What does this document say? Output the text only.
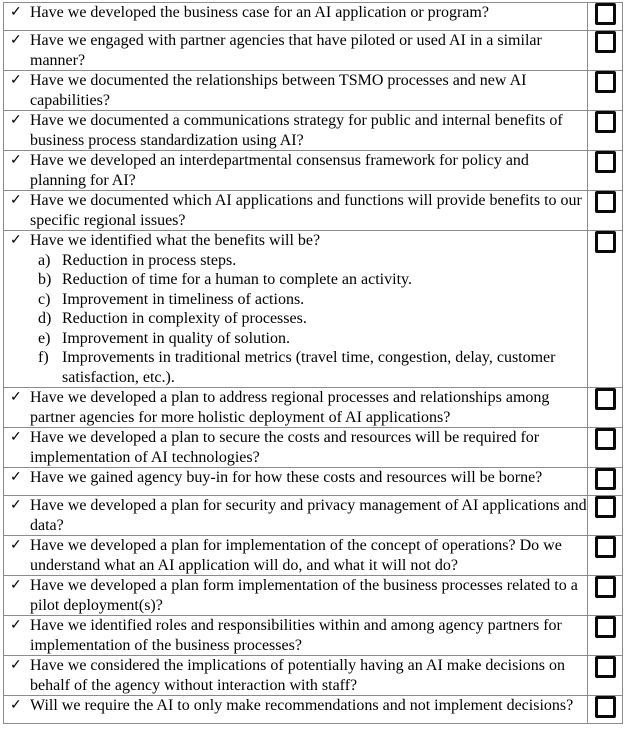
✓ Have we developed the business case for an AI application or program?	

✓ Have we engaged with partner agencies that have piloted or used AI in a similar manner?	

✓ Have we documented the relationships between TSMO processes and new AI capabilities?	

✓ Have we documented a communications strategy for public and internal benefits of business process standardization using AI?	

✓ Have we developed an interdepartmental consensus framework for policy and planning for AI?	

✓ Have we documented which AI applications and functions will provide benefits to our specific regional issues?	

✓ Have we identified what the benefits will be?
a) Reduction in process steps.
b) Reduction of time for a human to complete an activity.
c) Improvement in timeliness of actions.
d) Reduction in complexity of processes.
e) Improvement in quality of solution.
f) Improvements in traditional metrics (travel time, congestion, delay, customer satisfaction, etc.).

✓ Have we developed a plan to address regional processes and relationships among partner agencies for more holistic deployment of AI applications?	

✓ Have we developed a plan to secure the costs and resources will be required for implementation of AI technologies?	

✓ Have we gained agency buy-in for how these costs and resources will be borne?	

✓ Have we developed a plan for security and privacy management of AI applications and data?	

✓ Have we developed a plan for implementation of the concept of operations? Do we understand what an AI application will do, and what it will not do?	

✓ Have we developed a plan form implementation of the business processes related to a pilot deployment(s)?	

✓ Have we identified roles and responsibilities within and among agency partners for implementation of the business processes?	

✓ Have we considered the implications of potentially having an AI make decisions on behalf of the agency without interaction with staff?	

✓ Will we require the AI to only make recommendations and not implement decisions?	
